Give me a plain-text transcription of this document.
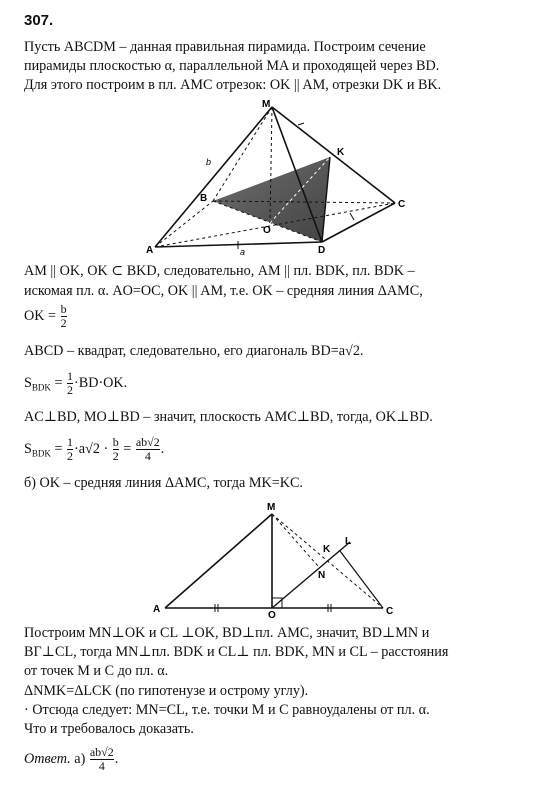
307.
Пусть ABCDM – данная правильная пирамида. Построим сечение
пирамиды плоскостью α, параллельной MA и проходящей через BD.
Для этого построим в пл. AMC отрезок: OK || AM, отрезки DK и BK.
M
K
B
C
A	D
O
b
a
AM || OK, OK ⊂ BKD, следовательно, AM || пл. BDK, пл. BDK –
искомая пл. α. AO=OC, OK || AM, т.е. OK – средняя линия ΔAMC,
OK = $\frac{b}{2}$
ABCD – квадрат, следовательно, его диагональ BD=a√2.
$S_{BDK} = \frac{1}{2} \cdot BD\cdot OK$.
AC⊥BD, MO⊥BD – значит, плоскость AMC⊥BD, тогда, OK⊥BD.
$S_{BDK} = \frac{1}{2} \cdot a√2 \cdot \frac{b}{2} = \frac{ab√2}{4}$ .
б) OK – средняя линия ΔAMC, тогда MK=KC.
M
K
L
N
A
O	C
Построим MN⊥OK и CL ⊥OK, BD⊥пл. AMC, значит, BD⊥MN и
BГ⊥CL, тогда MN⊥пл. BDK и CL⊥ пл. BDK, MN и CL – расстояния
от точек M и C до пл. α.
ΔNMK=ΔLCK (по гипотенузе и острому углу).
· Отсюда следует: MN=CL, т.е. точки M и C равноудалены от пл. α.
Что и требовалось доказать.
Ответ. $а) \frac{ab√2}{4}$ .
